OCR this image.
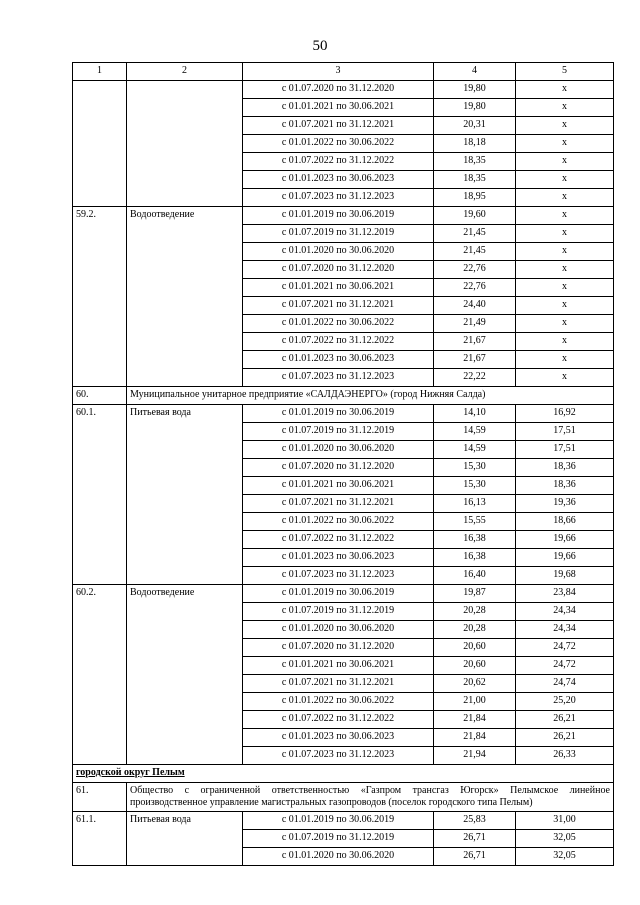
50
1	2	3	4	5
		с 01.07.2020 по 31.12.2020	19,80	х
		с 01.01.2021 по 30.06.2021	19,80	х
		с 01.07.2021 по 31.12.2021	20,31	х
		с 01.01.2022 по 30.06.2022	18,18	х
		с 01.07.2022 по 31.12.2022	18,35	х
		с 01.01.2023 по 30.06.2023	18,35	х
		с 01.07.2023 по 31.12.2023	18,95	х
59.2.	Водоотведение	с 01.01.2019 по 30.06.2019	19,60	х
		с 01.07.2019 по 31.12.2019	21,45	х
		с 01.01.2020 по 30.06.2020	21,45	х
		с 01.07.2020 по 31.12.2020	22,76	х
		с 01.01.2021 по 30.06.2021	22,76	х
		с 01.07.2021 по 31.12.2021	24,40	х
		с 01.01.2022 по 30.06.2022	21,49	х
		с 01.07.2022 по 31.12.2022	21,67	х
		с 01.01.2023 по 30.06.2023	21,67	х
		с 01.07.2023 по 31.12.2023	22,22	х
60.	Муниципальное унитарное предприятие «САЛДАЭНЕРГО» (город Нижняя Салда)			
60.1.	Питьевая вода	с 01.01.2019 по 30.06.2019	14,10	16,92
		с 01.07.2019 по 31.12.2019	14,59	17,51
		с 01.01.2020 по 30.06.2020	14,59	17,51
		с 01.07.2020 по 31.12.2020	15,30	18,36
		с 01.01.2021 по 30.06.2021	15,30	18,36
		с 01.07.2021 по 31.12.2021	16,13	19,36
		с 01.01.2022 по 30.06.2022	15,55	18,66
		с 01.07.2022 по 31.12.2022	16,38	19,66
		с 01.01.2023 по 30.06.2023	16,38	19,66
		с 01.07.2023 по 31.12.2023	16,40	19,68
60.2.	Водоотведение	с 01.01.2019 по 30.06.2019	19,87	23,84
		с 01.07.2019 по 31.12.2019	20,28	24,34
		с 01.01.2020 по 30.06.2020	20,28	24,34
		с 01.07.2020 по 31.12.2020	20,60	24,72
		с 01.01.2021 по 30.06.2021	20,60	24,72
		с 01.07.2021 по 31.12.2021	20,62	24,74
		с 01.01.2022 по 30.06.2022	21,00	25,20
		с 01.07.2022 по 31.12.2022	21,84	26,21
		с 01.01.2023 по 30.06.2023	21,84	26,21
		с 01.07.2023 по 31.12.2023	21,94	26,33
городской округ Пелым				
61.	Общество с ограниченной ответственностью «Газпром трансгаз Югорск» Пелымское линейное производственное управление магистральных газопроводов (поселок городского типа Пелым)			
61.1.	Питьевая вода	с 01.01.2019 по 30.06.2019	25,83	31,00
		с 01.07.2019 по 31.12.2019	26,71	32,05
		с 01.01.2020 по 30.06.2020	26,71	32,05
